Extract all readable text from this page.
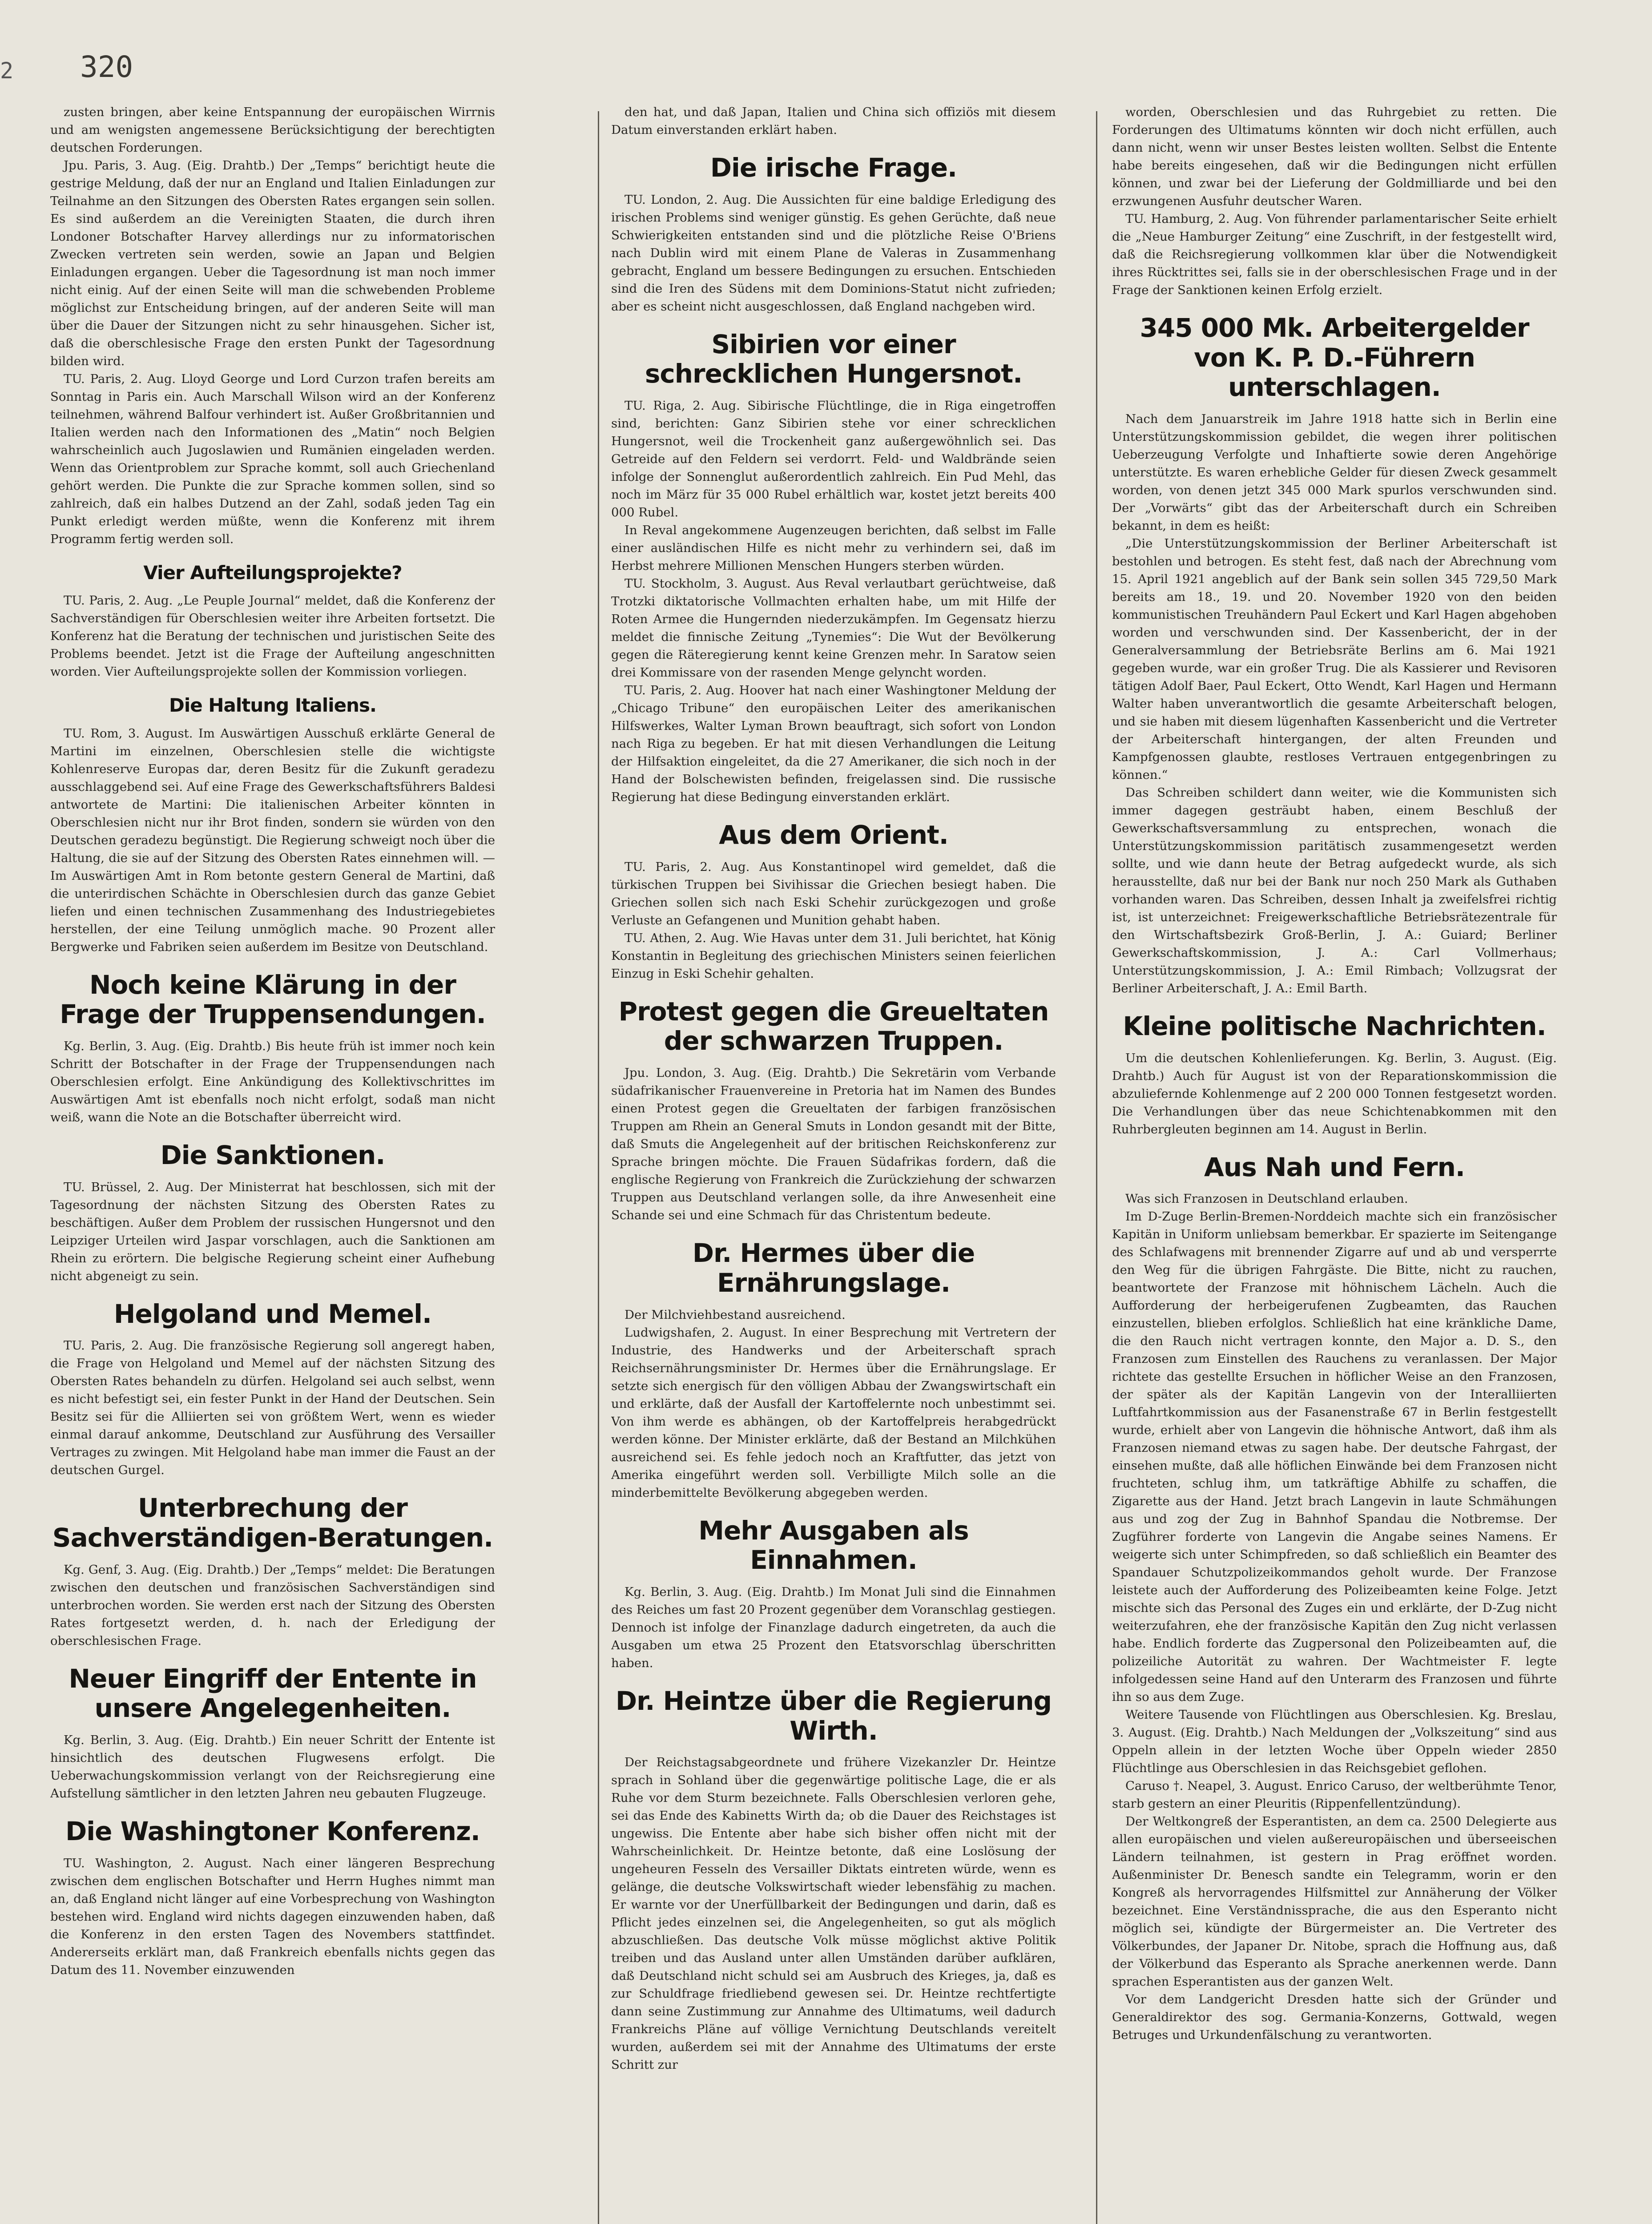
320
2

zusten bringen, aber keine Entspannung der europäischen Wirrnis und am wenigsten angemessene Berücksichtigung der berechtigten deutschen Forderungen.

Jpu. Paris, 3. Aug. (Eig. Drahtb.) Der „Temps“ berichtigt heute die gestrige Meldung, daß der nur an England und Italien Einladungen zur Teilnahme an den Sitzungen des Obersten Rates ergangen sein sollen. Es sind außerdem an die Vereinigten Staaten, die durch ihren Londoner Botschafter Harvey allerdings nur zu informatorischen Zwecken vertreten sein werden, sowie an Japan und Belgien Einladungen ergangen. Ueber die Tagesordnung ist man noch immer nicht einig. Auf der einen Seite will man die schwebenden Probleme möglichst zur Entscheidung bringen, auf der anderen Seite will man über die Dauer der Sitzungen nicht zu sehr hinausgehen. Sicher ist, daß die oberschlesische Frage den ersten Punkt der Tagesordnung bilden wird.

TU. Paris, 2. Aug. Lloyd George und Lord Curzon trafen bereits am Sonntag in Paris ein. Auch Marschall Wilson wird an der Konferenz teilnehmen, während Balfour verhindert ist. Außer Großbritannien und Italien werden nach den Informationen des „Matin“ noch Belgien wahrscheinlich auch Jugoslawien und Rumänien eingeladen werden. Wenn das Orientproblem zur Sprache kommt, soll auch Griechenland gehört werden. Die Punkte die zur Sprache kommen sollen, sind so zahlreich, daß ein halbes Dutzend an der Zahl, sodaß jeden Tag ein Punkt erledigt werden müßte, wenn die Konferenz mit ihrem Programm fertig werden soll.

Vier Aufteilungsprojekte?

TU. Paris, 2. Aug. „Le Peuple Journal“ meldet, daß die Konferenz der Sachverständigen für Oberschlesien weiter ihre Arbeiten fortsetzt. Die Konferenz hat die Beratung der technischen und juristischen Seite des Problems beendet. Jetzt ist die Frage der Aufteilung angeschnitten worden. Vier Aufteilungsprojekte sollen der Kommission vorliegen.

Die Haltung Italiens.

TU. Rom, 3. August. Im Auswärtigen Ausschuß erklärte General de Martini im einzelnen, Oberschlesien stelle die wichtigste Kohlenreserve Europas dar, deren Besitz für die Zukunft geradezu ausschlaggebend sei. Auf eine Frage des Gewerkschaftsführers Baldesi antwortete de Martini: Die italienischen Arbeiter könnten in Oberschlesien nicht nur ihr Brot finden, sondern sie würden von den Deutschen geradezu begünstigt. Die Regierung schweigt noch über die Haltung, die sie auf der Sitzung des Obersten Rates einnehmen will. — Im Auswärtigen Amt in Rom betonte gestern General de Martini, daß die unterirdischen Schächte in Oberschlesien durch das ganze Gebiet liefen und einen technischen Zusammenhang des Industriegebietes herstellen, der eine Teilung unmöglich mache. 90 Prozent aller Bergwerke und Fabriken seien außerdem im Besitze von Deutschland.

Noch keine Klärung in der Frage der Truppensendungen.

Kg. Berlin, 3. Aug. (Eig. Drahtb.) Bis heute früh ist immer noch kein Schritt der Botschafter in der Frage der Truppensendungen nach Oberschlesien erfolgt. Eine Ankündigung des Kollektivschrittes im Auswärtigen Amt ist ebenfalls noch nicht erfolgt, sodaß man nicht weiß, wann die Note an die Botschafter überreicht wird.

Die Sanktionen.

TU. Brüssel, 2. Aug. Der Ministerrat hat beschlossen, sich mit der Tagesordnung der nächsten Sitzung des Obersten Rates zu beschäftigen. Außer dem Problem der russischen Hungersnot und den Leipziger Urteilen wird Jaspar vorschlagen, auch die Sanktionen am Rhein zu erörtern. Die belgische Regierung scheint einer Aufhebung nicht abgeneigt zu sein.

Helgoland und Memel.

TU. Paris, 2. Aug. Die französische Regierung soll angeregt haben, die Frage von Helgoland und Memel auf der nächsten Sitzung des Obersten Rates behandeln zu dürfen. Helgoland sei auch selbst, wenn es nicht befestigt sei, ein fester Punkt in der Hand der Deutschen. Sein Besitz sei für die Alliierten sei von größtem Wert, wenn es wieder einmal darauf ankomme, Deutschland zur Ausführung des Versailler Vertrages zu zwingen. Mit Helgoland habe man immer die Faust an der deutschen Gurgel.

Unterbrechung der Sachverständigen-Beratungen.

Kg. Genf, 3. Aug. (Eig. Drahtb.) Der „Temps“ meldet: Die Beratungen zwischen den deutschen und französischen Sachverständigen sind unterbrochen worden. Sie werden erst nach der Sitzung des Obersten Rates fortgesetzt werden, d. h. nach der Erledigung der oberschlesischen Frage.

Neuer Eingriff der Entente in unsere Angelegenheiten.

Kg. Berlin, 3. Aug. (Eig. Drahtb.) Ein neuer Schritt der Entente ist hinsichtlich des deutschen Flugwesens erfolgt. Die Ueberwachungskommission verlangt von der Reichsregierung eine Aufstellung sämtlicher in den letzten Jahren neu gebauten Flugzeuge.

Die Washingtoner Konferenz.

TU. Washington, 2. August. Nach einer längeren Besprechung zwischen dem englischen Botschafter und Herrn Hughes nimmt man an, daß England nicht länger auf eine Vorbesprechung von Washington bestehen wird. England wird nichts dagegen einzuwenden haben, daß die Konferenz in den ersten Tagen des Novembers stattfindet. Andererseits erklärt man, daß Frankreich ebenfalls nichts gegen das Datum des 11. November einzuwenden

den hat, und daß Japan, Italien und China sich offiziös mit diesem Datum einverstanden erklärt haben.

Die irische Frage.

TU. London, 2. Aug. Die Aussichten für eine baldige Erledigung des irischen Problems sind weniger günstig. Es gehen Gerüchte, daß neue Schwierigkeiten entstanden sind und die plötzliche Reise O'Briens nach Dublin wird mit einem Plane de Valeras in Zusammenhang gebracht, England um bessere Bedingungen zu ersuchen. Entschieden sind die Iren des Südens mit dem Dominions-Statut nicht zufrieden; aber es scheint nicht ausgeschlossen, daß England nachgeben wird.

Sibirien vor einer schrecklichen Hungersnot.

TU. Riga, 2. Aug. Sibirische Flüchtlinge, die in Riga eingetroffen sind, berichten: Ganz Sibirien stehe vor einer schrecklichen Hungersnot, weil die Trockenheit ganz außergewöhnlich sei. Das Getreide auf den Feldern sei verdorrt. Feld- und Waldbrände seien infolge der Sonnenglut außerordentlich zahlreich. Ein Pud Mehl, das noch im März für 35 000 Rubel erhältlich war, kostet jetzt bereits 400 000 Rubel.

In Reval angekommene Augenzeugen berichten, daß selbst im Falle einer ausländischen Hilfe es nicht mehr zu verhindern sei, daß im Herbst mehrere Millionen Menschen Hungers sterben würden.

TU. Stockholm, 3. August. Aus Reval verlautbart gerüchtweise, daß Trotzki diktatorische Vollmachten erhalten habe, um mit Hilfe der Roten Armee die Hungernden niederzukämpfen. Im Gegensatz hierzu meldet die finnische Zeitung „Tynemies“: Die Wut der Bevölkerung gegen die Räteregierung kennt keine Grenzen mehr. In Saratow seien drei Kommissare von der rasenden Menge gelyncht worden.

TU. Paris, 2. Aug. Hoover hat nach einer Washingtoner Meldung der „Chicago Tribune“ den europäischen Leiter des amerikanischen Hilfswerkes, Walter Lyman Brown beauftragt, sich sofort von London nach Riga zu begeben. Er hat mit diesen Verhandlungen die Leitung der Hilfsaktion eingeleitet, da die 27 Amerikaner, die sich noch in der Hand der Bolschewisten befinden, freigelassen sind. Die russische Regierung hat diese Bedingung einverstanden erklärt.

Aus dem Orient.

TU. Paris, 2. Aug. Aus Konstantinopel wird gemeldet, daß die türkischen Truppen bei Sivihissar die Griechen besiegt haben. Die Griechen sollen sich nach Eski Schehir zurückgezogen und große Verluste an Gefangenen und Munition gehabt haben.

TU. Athen, 2. Aug. Wie Havas unter dem 31. Juli berichtet, hat König Konstantin in Begleitung des griechischen Ministers seinen feierlichen Einzug in Eski Schehir gehalten.

Protest gegen die Greueltaten der schwarzen Truppen.

Jpu. London, 3. Aug. (Eig. Drahtb.) Die Sekretärin vom Verbande südafrikanischer Frauenvereine in Pretoria hat im Namen des Bundes einen Protest gegen die Greueltaten der farbigen französischen Truppen am Rhein an General Smuts in London gesandt mit der Bitte, daß Smuts die Angelegenheit auf der britischen Reichskonferenz zur Sprache bringen möchte. Die Frauen Südafrikas fordern, daß die englische Regierung von Frankreich die Zurückziehung der schwarzen Truppen aus Deutschland verlangen solle, da ihre Anwesenheit eine Schande sei und eine Schmach für das Christentum bedeute.

Dr. Hermes über die Ernährungslage.

Der Milchviehbestand ausreichend.

Ludwigshafen, 2. August. In einer Besprechung mit Vertretern der Industrie, des Handwerks und der Arbeiterschaft sprach Reichsernährungsminister Dr. Hermes über die Ernährungslage. Er setzte sich energisch für den völligen Abbau der Zwangswirtschaft ein und erklärte, daß der Ausfall der Kartoffelernte noch unbestimmt sei. Von ihm werde es abhängen, ob der Kartoffelpreis herabgedrückt werden könne. Der Minister erklärte, daß der Bestand an Milchkühen ausreichend sei. Es fehle jedoch noch an Kraftfutter, das jetzt von Amerika eingeführt werden soll. Verbilligte Milch solle an die minderbemittelte Bevölkerung abgegeben werden.

Mehr Ausgaben als Einnahmen.

Kg. Berlin, 3. Aug. (Eig. Drahtb.) Im Monat Juli sind die Einnahmen des Reiches um fast 20 Prozent gegenüber dem Voranschlag gestiegen. Dennoch ist infolge der Finanzlage dadurch eingetreten, da auch die Ausgaben um etwa 25 Prozent den Etatsvorschlag überschritten haben.

Dr. Heintze über die Regierung Wirth.

Der Reichstagsabgeordnete und frühere Vizekanzler Dr. Heintze sprach in Sohland über die gegenwärtige politische Lage, die er als Ruhe vor dem Sturm bezeichnete. Falls Oberschlesien verloren gehe, sei das Ende des Kabinetts Wirth da; ob die Dauer des Reichstages ist ungewiss. Die Entente aber habe sich bisher offen nicht mit der Wahrscheinlichkeit. Dr. Heintze betonte, daß eine Loslösung der ungeheuren Fesseln des Versailler Diktats eintreten würde, wenn es gelänge, die deutsche Volkswirtschaft wieder lebensfähig zu machen. Er warnte vor der Unerfüllbarkeit der Bedingungen und darin, daß es Pflicht jedes einzelnen sei, die Angelegenheiten, so gut als möglich abzuschließen. Das deutsche Volk müsse möglichst aktive Politik treiben und das Ausland unter allen Umständen darüber aufklären, daß Deutschland nicht schuld sei am Ausbruch des Krieges, ja, daß es zur Schuldfrage friedliebend gewesen sei. Dr. Heintze rechtfertigte dann seine Zustimmung zur Annahme des Ultimatums, weil dadurch Frankreichs Pläne auf völlige Vernichtung Deutschlands vereitelt wurden, außerdem sei mit der Annahme des Ultimatums der erste Schritt zur

worden, Oberschlesien und das Ruhrgebiet zu retten. Die Forderungen des Ultimatums könnten wir doch nicht erfüllen, auch dann nicht, wenn wir unser Bestes leisten wollten. Selbst die Entente habe bereits eingesehen, daß wir die Bedingungen nicht erfüllen können, und zwar bei der Lieferung der Goldmilliarde und bei den erzwungenen Ausfuhr deutscher Waren.

TU. Hamburg, 2. Aug. Von führender parlamentarischer Seite erhielt die „Neue Hamburger Zeitung“ eine Zuschrift, in der festgestellt wird, daß die Reichsregierung vollkommen klar über die Notwendigkeit ihres Rücktrittes sei, falls sie in der oberschlesischen Frage und in der Frage der Sanktionen keinen Erfolg erzielt.

345 000 Mk. Arbeitergelder von K. P. D.-Führern unterschlagen.

Nach dem Januarstreik im Jahre 1918 hatte sich in Berlin eine Unterstützungskommission gebildet, die wegen ihrer politischen Ueberzeugung Verfolgte und Inhaftierte sowie deren Angehörige unterstützte. Es waren erhebliche Gelder für diesen Zweck gesammelt worden, von denen jetzt 345 000 Mark spurlos verschwunden sind. Der „Vorwärts“ gibt das der Arbeiterschaft durch ein Schreiben bekannt, in dem es heißt:

„Die Unterstützungskommission der Berliner Arbeiterschaft ist bestohlen und betrogen. Es steht fest, daß nach der Abrechnung vom 15. April 1921 angeblich auf der Bank sein sollen 345 729,50 Mark bereits am 18., 19. und 20. November 1920 von den beiden kommunistischen Treuhändern Paul Eckert und Karl Hagen abgehoben worden und verschwunden sind. Der Kassenbericht, der in der Generalversammlung der Betriebsräte Berlins am 6. Mai 1921 gegeben wurde, war ein großer Trug. Die als Kassierer und Revisoren tätigen Adolf Baer, Paul Eckert, Otto Wendt, Karl Hagen und Hermann Walter haben unverantwortlich die gesamte Arbeiterschaft belogen, und sie haben mit diesem lügenhaften Kassenbericht und die Vertreter der Arbeiterschaft hintergangen, der alten Freunden und Kampfgenossen glaubte, restloses Vertrauen entgegenbringen zu können.“

Das Schreiben schildert dann weiter, wie die Kommunisten sich immer dagegen gesträubt haben, einem Beschluß der Gewerkschaftsversammlung zu entsprechen, wonach die Unterstützungskommission paritätisch zusammengesetzt werden sollte, und wie dann heute der Betrag aufgedeckt wurde, als sich herausstellte, daß nur bei der Bank nur noch 250 Mark als Guthaben vorhanden waren. Das Schreiben, dessen Inhalt ja zweifelsfrei richtig ist, ist unterzeichnet: Freigewerkschaftliche Betriebsrätezentrale für den Wirtschaftsbezirk Groß-Berlin, J. A.: Guiard; Berliner Gewerkschaftskommission, J. A.: Carl Vollmerhaus; Unterstützungskommission, J. A.: Emil Rimbach; Vollzugsrat der Berliner Arbeiterschaft, J. A.: Emil Barth.

Kleine politische Nachrichten.

Um die deutschen Kohlenlieferungen. Kg. Berlin, 3. August. (Eig. Drahtb.) Auch für August ist von der Reparationskommission die abzuliefernde Kohlenmenge auf 2 200 000 Tonnen festgesetzt worden. Die Verhandlungen über das neue Schichtenabkommen mit den Ruhrbergleuten beginnen am 14. August in Berlin.

Aus Nah und Fern.

Was sich Franzosen in Deutschland erlauben.

Im D-Zuge Berlin-Bremen-Norddeich machte sich ein französischer Kapitän in Uniform unliebsam bemerkbar. Er spazierte im Seitengange des Schlafwagens mit brennender Zigarre auf und ab und versperrte den Weg für die übrigen Fahrgäste. Die Bitte, nicht zu rauchen, beantwortete der Franzose mit höhnischem Lächeln. Auch die Aufforderung der herbeigerufenen Zugbeamten, das Rauchen einzustellen, blieben erfolglos. Schließlich hat eine kränkliche Dame, die den Rauch nicht vertragen konnte, den Major a. D. S., den Franzosen zum Einstellen des Rauchens zu veranlassen. Der Major richtete das gestellte Ersuchen in höflicher Weise an den Franzosen, der später als der Kapitän Langevin von der Interalliierten Luftfahrtkommission aus der Fasanenstraße 67 in Berlin festgestellt wurde, erhielt aber von Langevin die höhnische Antwort, daß ihm als Franzosen niemand etwas zu sagen habe. Der deutsche Fahrgast, der einsehen mußte, daß alle höflichen Einwände bei dem Franzosen nicht fruchteten, schlug ihm, um tatkräftige Abhilfe zu schaffen, die Zigarette aus der Hand. Jetzt brach Langevin in laute Schmähungen aus und zog der Zug in Bahnhof Spandau die Notbremse. Der Zugführer forderte von Langevin die Angabe seines Namens. Er weigerte sich unter Schimpfreden, so daß schließlich ein Beamter des Spandauer Schutzpolizeikommandos geholt wurde. Der Franzose leistete auch der Aufforderung des Polizeibeamten keine Folge. Jetzt mischte sich das Personal des Zuges ein und erklärte, der D-Zug nicht weiterzufahren, ehe der französische Kapitän den Zug nicht verlassen habe. Endlich forderte das Zugpersonal den Polizeibeamten auf, die polizeiliche Autorität zu wahren. Der Wachtmeister F. legte infolgedessen seine Hand auf den Unterarm des Franzosen und führte ihn so aus dem Zuge.

Weitere Tausende von Flüchtlingen aus Oberschlesien. Kg. Breslau, 3. August. (Eig. Drahtb.) Nach Meldungen der „Volkszeitung“ sind aus Oppeln allein in der letzten Woche über Oppeln wieder 2850 Flüchtlinge aus Oberschlesien in das Reichsgebiet geflohen.

Caruso †. Neapel, 3. August. Enrico Caruso, der weltberühmte Tenor, starb gestern an einer Pleuritis (Rippenfellentzündung).

Der Weltkongreß der Esperantisten, an dem ca. 2500 Delegierte aus allen europäischen und vielen außereuropäischen und überseeischen Ländern teilnahmen, ist gestern in Prag eröffnet worden. Außenminister Dr. Benesch sandte ein Telegramm, worin er den Kongreß als hervorragendes Hilfsmittel zur Annäherung der Völker bezeichnet. Eine Verständnissprache, die aus den Esperanto nicht möglich sei, kündigte der Bürgermeister an. Die Vertreter des Völkerbundes, der Japaner Dr. Nitobe, sprach die Hoffnung aus, daß der Völkerbund das Esperanto als Sprache anerkennen werde. Dann sprachen Esperantisten aus der ganzen Welt.

Vor dem Landgericht Dresden hatte sich der Gründer und Generaldirektor des sog. Germania-Konzerns, Gottwald, wegen Betruges und Urkundenfälschung zu verantworten.
